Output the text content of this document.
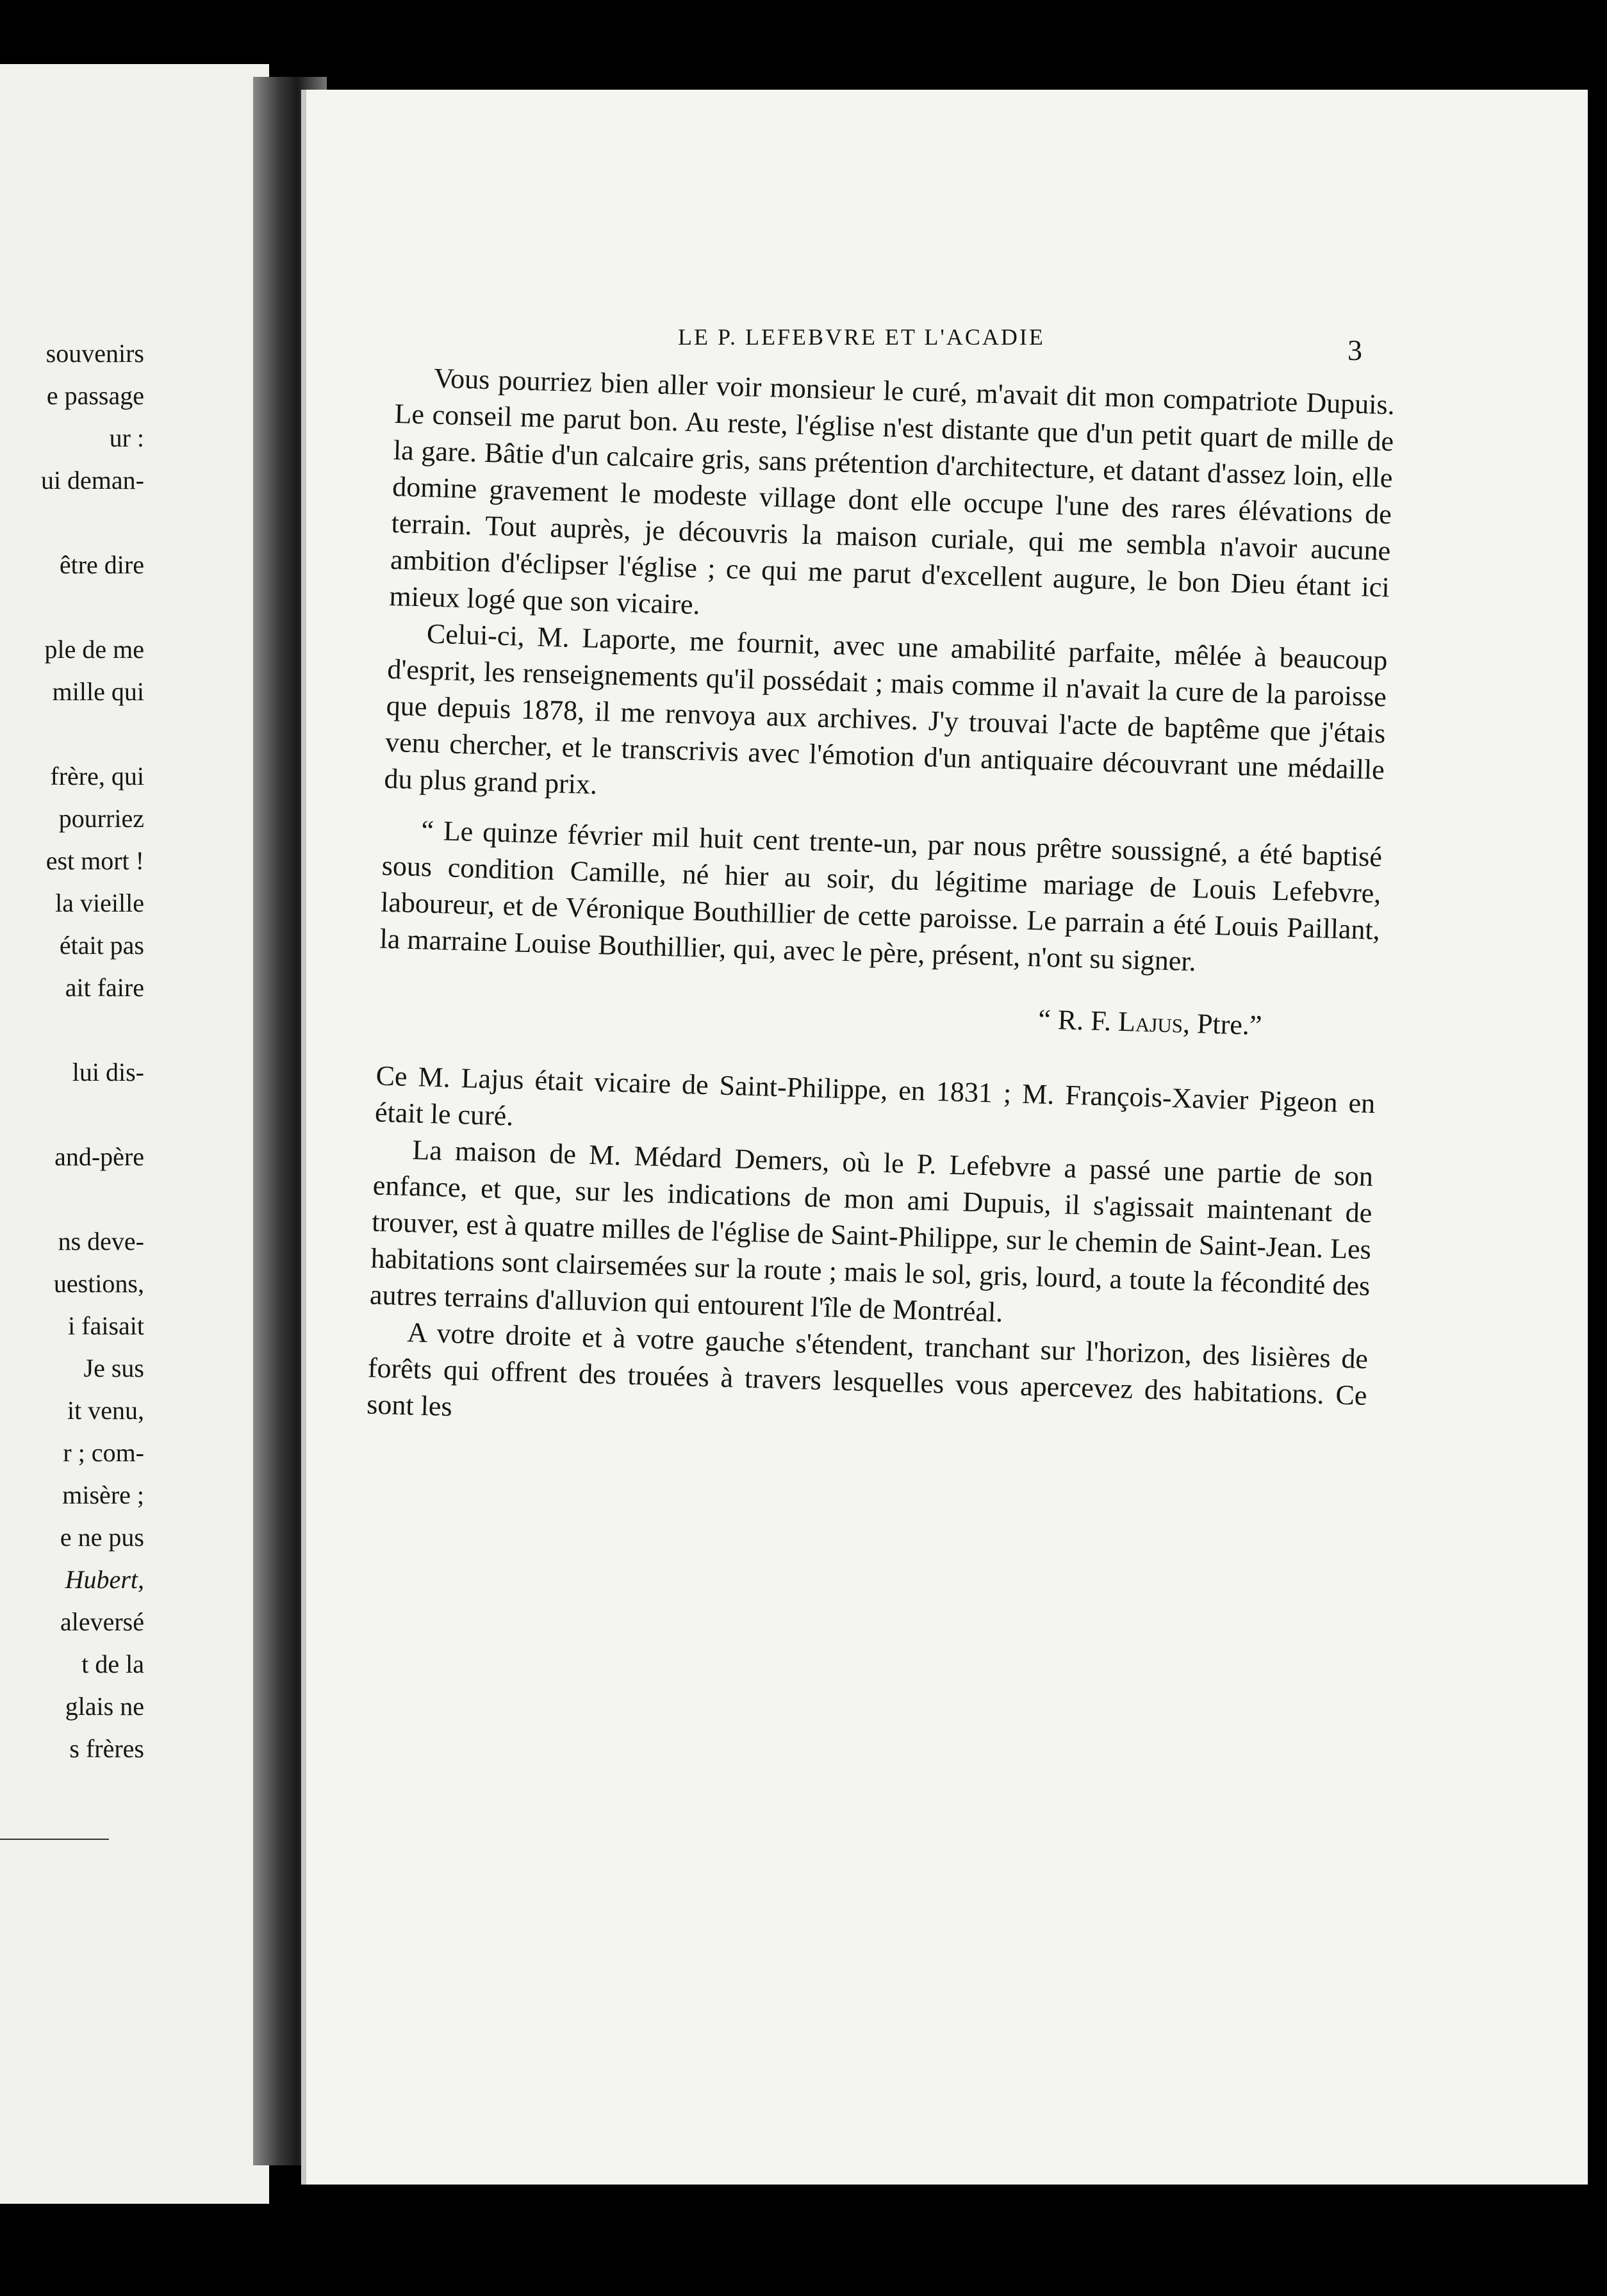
souvenirs
e passage
ur :
ui deman-
être dire
ple de me
mille qui
frère, qui
pourriez
est mort !
la vieille
était pas
ait faire
lui dis-
and-père
ns deve-
uestions,
i faisait
Je sus
it venu,
r ; com-
misère ;
e ne pus
Hubert,
aleversé
t de la
glais ne
s frères
LE P. LEFEBVRE ET L'ACADIE	3

Vous pourriez bien aller voir monsieur le curé, m'avait dit mon compatriote Dupuis. Le conseil me parut bon. Au reste, l'église n'est distante que d'un petit quart de mille de la gare. Bâtie d'un calcaire gris, sans prétention d'architecture, et datant d'assez loin, elle domine gravement le modeste village dont elle occupe l'une des rares élévations de terrain. Tout auprès, je découvris la maison curiale, qui me sembla n'avoir aucune ambition d'éclipser l'église ; ce qui me parut d'excellent augure, le bon Dieu étant ici mieux logé que son vicaire.

Celui-ci, M. Laporte, me fournit, avec une amabilité parfaite, mêlée à beaucoup d'esprit, les renseignements qu'il possédait ; mais comme il n'avait la cure de la paroisse que depuis 1878, il me renvoya aux archives. J'y trouvai l'acte de baptême que j'étais venu chercher, et le transcrivis avec l'émotion d'un antiquaire découvrant une médaille du plus grand prix.

“ Le quinze février mil huit cent trente-un, par nous prêtre soussigné, a été baptisé sous condition Camille, né hier au soir, du légitime mariage de Louis Lefebvre, laboureur, et de Véronique Bouthillier de cette paroisse. Le parrain a été Louis Paillant, la marraine Louise Bouthillier, qui, avec le père, présent, n'ont su signer.

“ R. F. Lajus, Ptre.”

Ce M. Lajus était vicaire de Saint-Philippe, en 1831 ; M. François-Xavier Pigeon en était le curé.

La maison de M. Médard Demers, où le P. Lefebvre a passé une partie de son enfance, et que, sur les indications de mon ami Dupuis, il s'agissait maintenant de trouver, est à quatre milles de l'église de Saint-Philippe, sur le chemin de Saint-Jean. Les habitations sont clairsemées sur la route ; mais le sol, gris, lourd, a toute la fécondité des autres terrains d'alluvion qui entourent l'île de Montréal.

A votre droite et à votre gauche s'étendent, tranchant sur l'horizon, des lisières de forêts qui offrent des trouées à travers lesquelles vous apercevez des habitations. Ce sont les
